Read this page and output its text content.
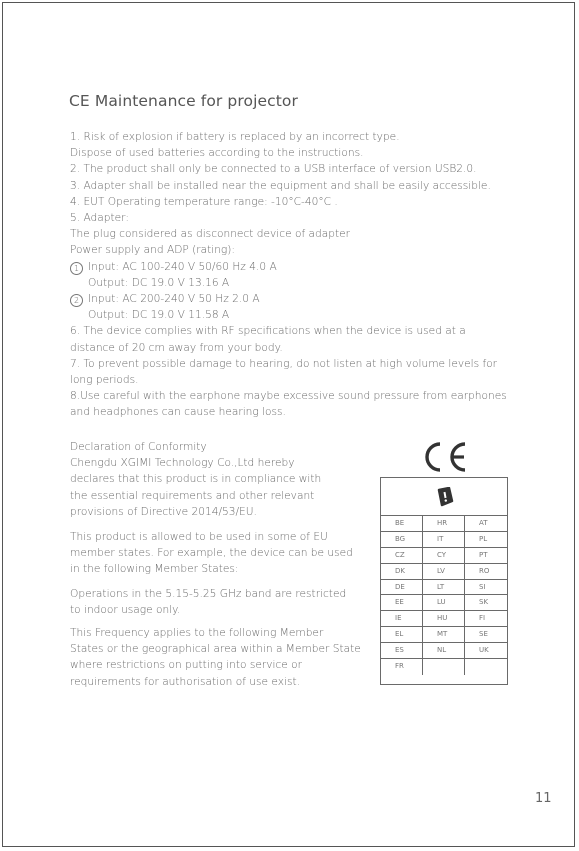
CE Maintenance for projector
1. Risk of explosion if battery is replaced by an incorrect type.
Dispose of used batteries according to the instructions.
2. The product shall only be connected to a USB interface of version USB2.0.
3. Adapter shall be installed near the equipment and shall be easily accessible.
4. EUT Operating temperature range: -10°C-40°C .
5. Adapter:
The plug considered as disconnect device of adapter
Power supply and ADP (rating):
1 Input: AC 100-240 V 50/60 Hz 4.0 A
Output: DC 19.0 V 13.16 A
2 Input: AC 200-240 V 50 Hz 2.0 A
Output: DC 19.0 V 11.58 A
6. The device complies with RF specifications when the device is used at a
distance of 20 cm away from your body.
7. To prevent possible damage to hearing, do not listen at high volume levels for
long periods.
8.Use careful with the earphone maybe excessive sound pressure from earphones
and headphones can cause hearing loss.
Declaration of Conformity
Chengdu XGIMI Technology Co.,Ltd hereby
declares that this product is in compliance with
the essential requirements and other relevant
provisions of Directive 2014/53/EU.
This product is allowed to be used in some of EU
member states. For example, the device can be used
in the following Member States:
Operations in the 5.15-5.25 GHz band are restricted
to indoor usage only.
This Frequency applies to the following Member
States or the geographical area within a Member State
where restrictions on putting into service or
requirements for authorisation of use exist.
BE	HR	AT
BG	IT	PL
CZ	CY	PT
DK	LV	RO
DE	LT	SI
EE	LU	SK
IE	HU	FI
EL	MT	SE
ES	NL	UK
FR
11
